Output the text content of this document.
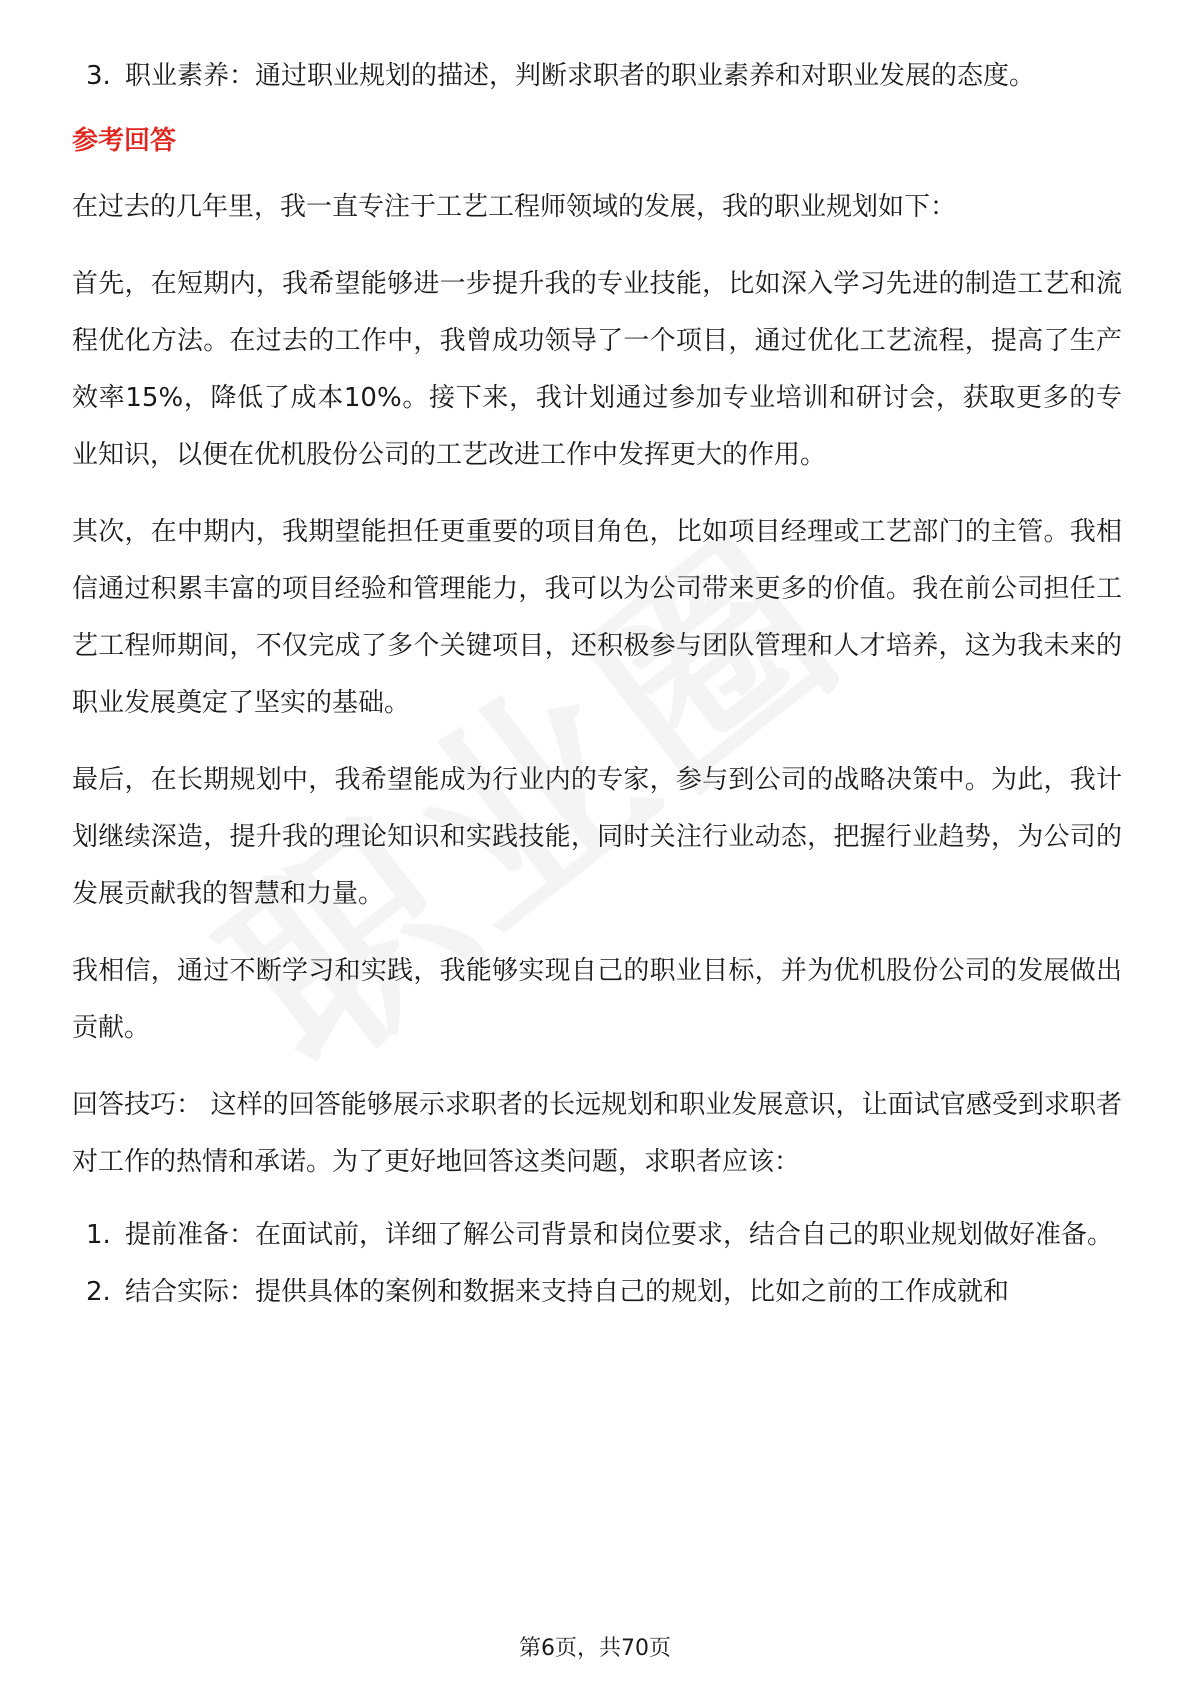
3. 职业素养：通过职业规划的描述，判断求职者的职业素养和对职业发展的态度。
参考回答

在过去的几年里，我一直专注于工艺工程师领域的发展，我的职业规划如下：

首先，在短期内，我希望能够进一步提升我的专业技能，比如深入学习先进的制造工艺和流程优化方法。在过去的工作中，我曾成功领导了一个项目，通过优化工艺流程，提高了生产效率15%，降低了成本10%。接下来，我计划通过参加专业培训和研讨会，获取更多的专业知识，以便在优机股份公司的工艺改进工作中发挥更大的作用。

其次，在中期内，我期望能担任更重要的项目角色，比如项目经理或工艺部门的主管。我相信通过积累丰富的项目经验和管理能力，我可以为公司带来更多的价值。我在前公司担任工艺工程师期间，不仅完成了多个关键项目，还积极参与团队管理和人才培养，这为我未来的职业发展奠定了坚实的基础。

最后，在长期规划中，我希望能成为行业内的专家，参与到公司的战略决策中。为此，我计划继续深造，提升我的理论知识和实践技能，同时关注行业动态，把握行业趋势，为公司的发展贡献我的智慧和力量。

我相信，通过不断学习和实践，我能够实现自己的职业目标，并为优机股份公司的发展做出贡献。

回答技巧： 这样的回答能够展示求职者的长远规划和职业发展意识，让面试官感受到求职者对工作的热情和承诺。为了更好地回答这类问题，求职者应该：

1. 提前准备：在面试前，详细了解公司背景和岗位要求，结合自己的职业规划做好准备。
2. 结合实际：提供具体的案例和数据来支持自己的规划，比如之前的工作成就和
第6页，共70页
